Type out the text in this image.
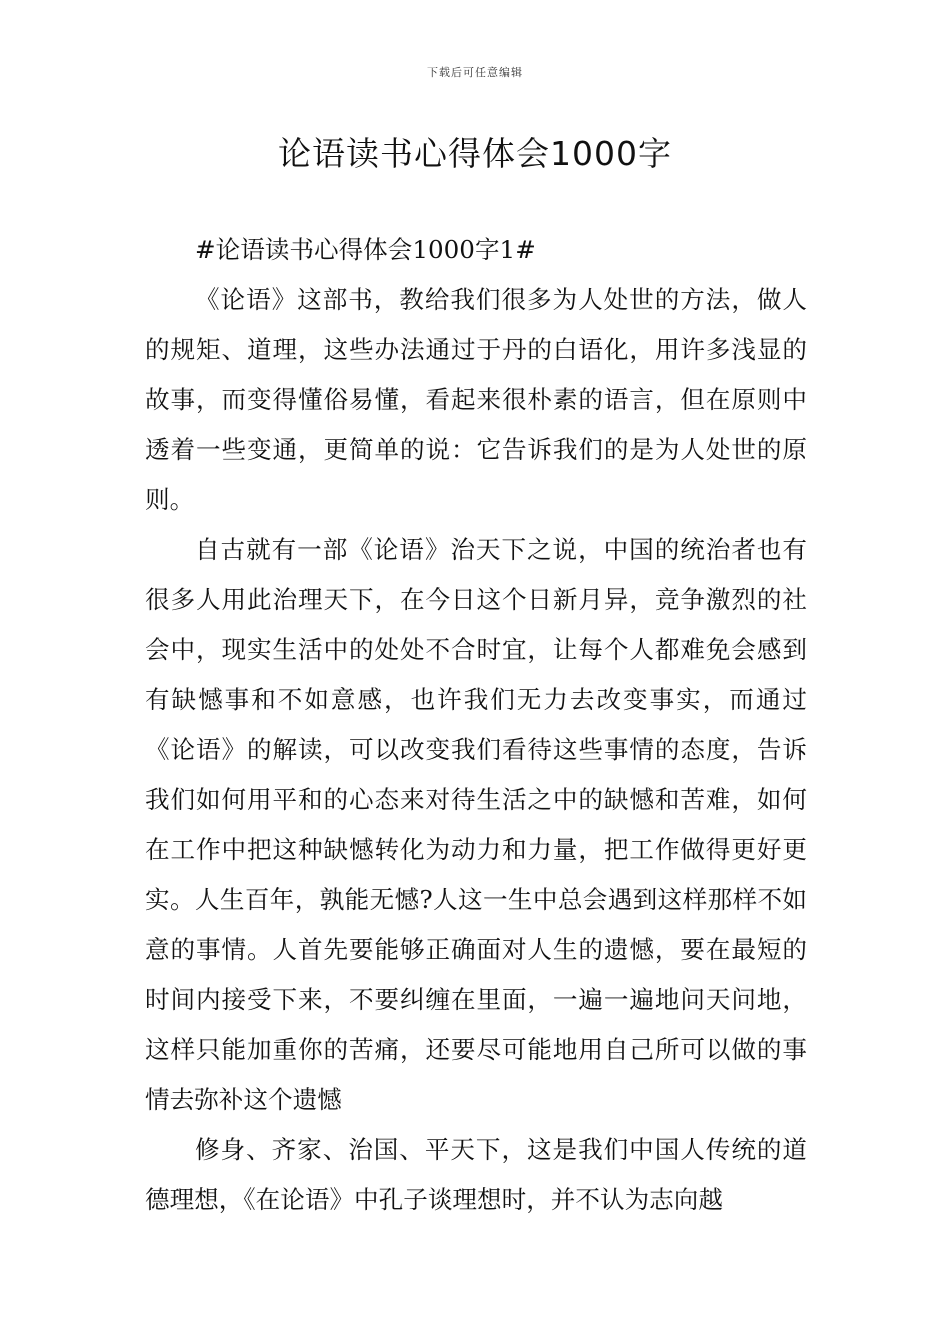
下载后可任意编辑
论语读书心得体会1000字

#论语读书心得体会1000字1#

《论语》这部书，教给我们很多为人处世的方法，做人的规矩、道理，这些办法通过于丹的白语化，用许多浅显的故事，而变得懂俗易懂，看起来很朴素的语言，但在原则中透着一些变通，更简单的说：它告诉我们的是为人处世的原则。

自古就有一部《论语》治天下之说，中国的统治者也有很多人用此治理天下，在今日这个日新月异，竞争激烈的社会中，现实生活中的处处不合时宜，让每个人都难免会感到有缺憾事和不如意感，也许我们无力去改变事实，而通过《论语》的解读，可以改变我们看待这些事情的态度，告诉我们如何用平和的心态来对待生活之中的缺憾和苦难，如何在工作中把这种缺憾转化为动力和力量，把工作做得更好更实。人生百年，孰能无憾?人这一生中总会遇到这样那样不如意的事情。人首先要能够正确面对人生的遗憾，要在最短的时间内接受下来，不要纠缠在里面，一遍一遍地问天问地，这样只能加重你的苦痛，还要尽可能地用自己所可以做的事情去弥补这个遗憾

修身、齐家、治国、平天下，这是我们中国人传统的道德理想，《在论语》中孔子谈理想时，并不认为志向越
